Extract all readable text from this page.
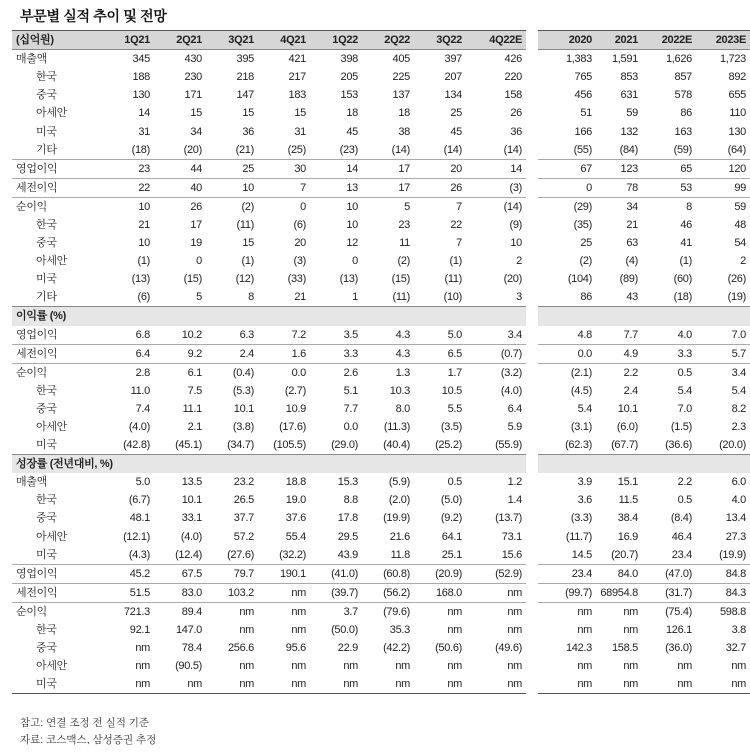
부문별 실적 추이 및 전망
(십억원)	1Q21	2Q21	3Q21	4Q21	1Q22	2Q22	3Q22	4Q22E		2020	2021	2022E	2023E
매출액	345	430	395	421	398	405	397	426		1,383	1,591	1,626	1,723
한국	188	230	218	217	205	225	207	220		765	853	857	892
중국	130	171	147	183	153	137	134	158		456	631	578	655
아세안	14	15	15	15	18	18	25	26		51	59	86	110
미국	31	34	36	31	45	38	45	36		166	132	163	130
기타	(18)	(20)	(21)	(25)	(23)	(14)	(14)	(14)		(55)	(84)	(59)	(64)
영업이익	23	44	25	30	14	17	20	14		67	123	65	120
세전이익	22	40	10	7	13	17	26	(3)		0	78	53	99
순이익	10	26	(2)	0	10	5	7	(14)		(29)	34	8	59
한국	21	17	(11)	(6)	10	23	22	(9)		(35)	21	46	48
중국	10	19	15	20	12	11	7	10		25	63	41	54
아세안	(1)	0	(1)	(3)	0	(2)	(1)	2		(2)	(4)	(1)	2
미국	(13)	(15)	(12)	(33)	(13)	(15)	(11)	(20)		(104)	(89)	(60)	(26)
기타	(6)	5	8	21	1	(11)	(10)	3		86	43	(18)	(19)
이익률 (%)													
영업이익	6.8	10.2	6.3	7.2	3.5	4.3	5.0	3.4		4.8	7.7	4.0	7.0
세전이익	6.4	9.2	2.4	1.6	3.3	4.3	6.5	(0.7)		0.0	4.9	3.3	5.7
순이익	2.8	6.1	(0.4)	0.0	2.6	1.3	1.7	(3.2)		(2.1)	2.2	0.5	3.4
한국	11.0	7.5	(5.3)	(2.7)	5.1	10.3	10.5	(4.0)		(4.5)	2.4	5.4	5.4
중국	7.4	11.1	10.1	10.9	7.7	8.0	5.5	6.4		5.4	10.1	7.0	8.2
아세안	(4.0)	2.1	(3.8)	(17.6)	0.0	(11.3)	(3.5)	5.9		(3.1)	(6.0)	(1.5)	2.3
미국	(42.8)	(45.1)	(34.7)	(105.5)	(29.0)	(40.4)	(25.2)	(55.9)		(62.3)	(67.7)	(36.6)	(20.0)
성장률 (전년대비, %)													
매출액	5.0	13.5	23.2	18.8	15.3	(5.9)	0.5	1.2		3.9	15.1	2.2	6.0
한국	(6.7)	10.1	26.5	19.0	8.8	(2.0)	(5.0)	1.4		3.6	11.5	0.5	4.0
중국	48.1	33.1	37.7	37.6	17.8	(19.9)	(9.2)	(13.7)		(3.3)	38.4	(8.4)	13.4
아세안	(12.1)	(4.0)	57.2	55.4	29.5	21.6	64.1	73.1		(11.7)	16.9	46.4	27.3
미국	(4.3)	(12.4)	(27.6)	(32.2)	43.9	11.8	25.1	15.6		14.5	(20.7)	23.4	(19.9)
영업이익	45.2	67.5	79.7	190.1	(41.0)	(60.8)	(20.9)	(52.9)		23.4	84.0	(47.0)	84.8
세전이익	51.5	83.0	103.2	nm	(39.7)	(56.2)	168.0	nm		(99.7)	68954.8	(31.7)	84.3
순이익	721.3	89.4	nm	nm	3.7	(79.6)	nm	nm		nm	nm	(75.4)	598.8
한국	92.1	147.0	nm	nm	(50.0)	35.3	nm	nm		nm	nm	126.1	3.8
중국	nm	78.4	256.6	95.6	22.9	(42.2)	(50.6)	(49.6)		142.3	158.5	(36.0)	32.7
아세안	nm	(90.5)	nm	nm	nm	nm	nm	nm		nm	nm	nm	nm
미국	nm	nm	nm	nm	nm	nm	nm	nm		nm	nm	nm	nm
참고: 연결 조정 전 실적 기준
자료: 코스맥스, 삼성증권 추정
